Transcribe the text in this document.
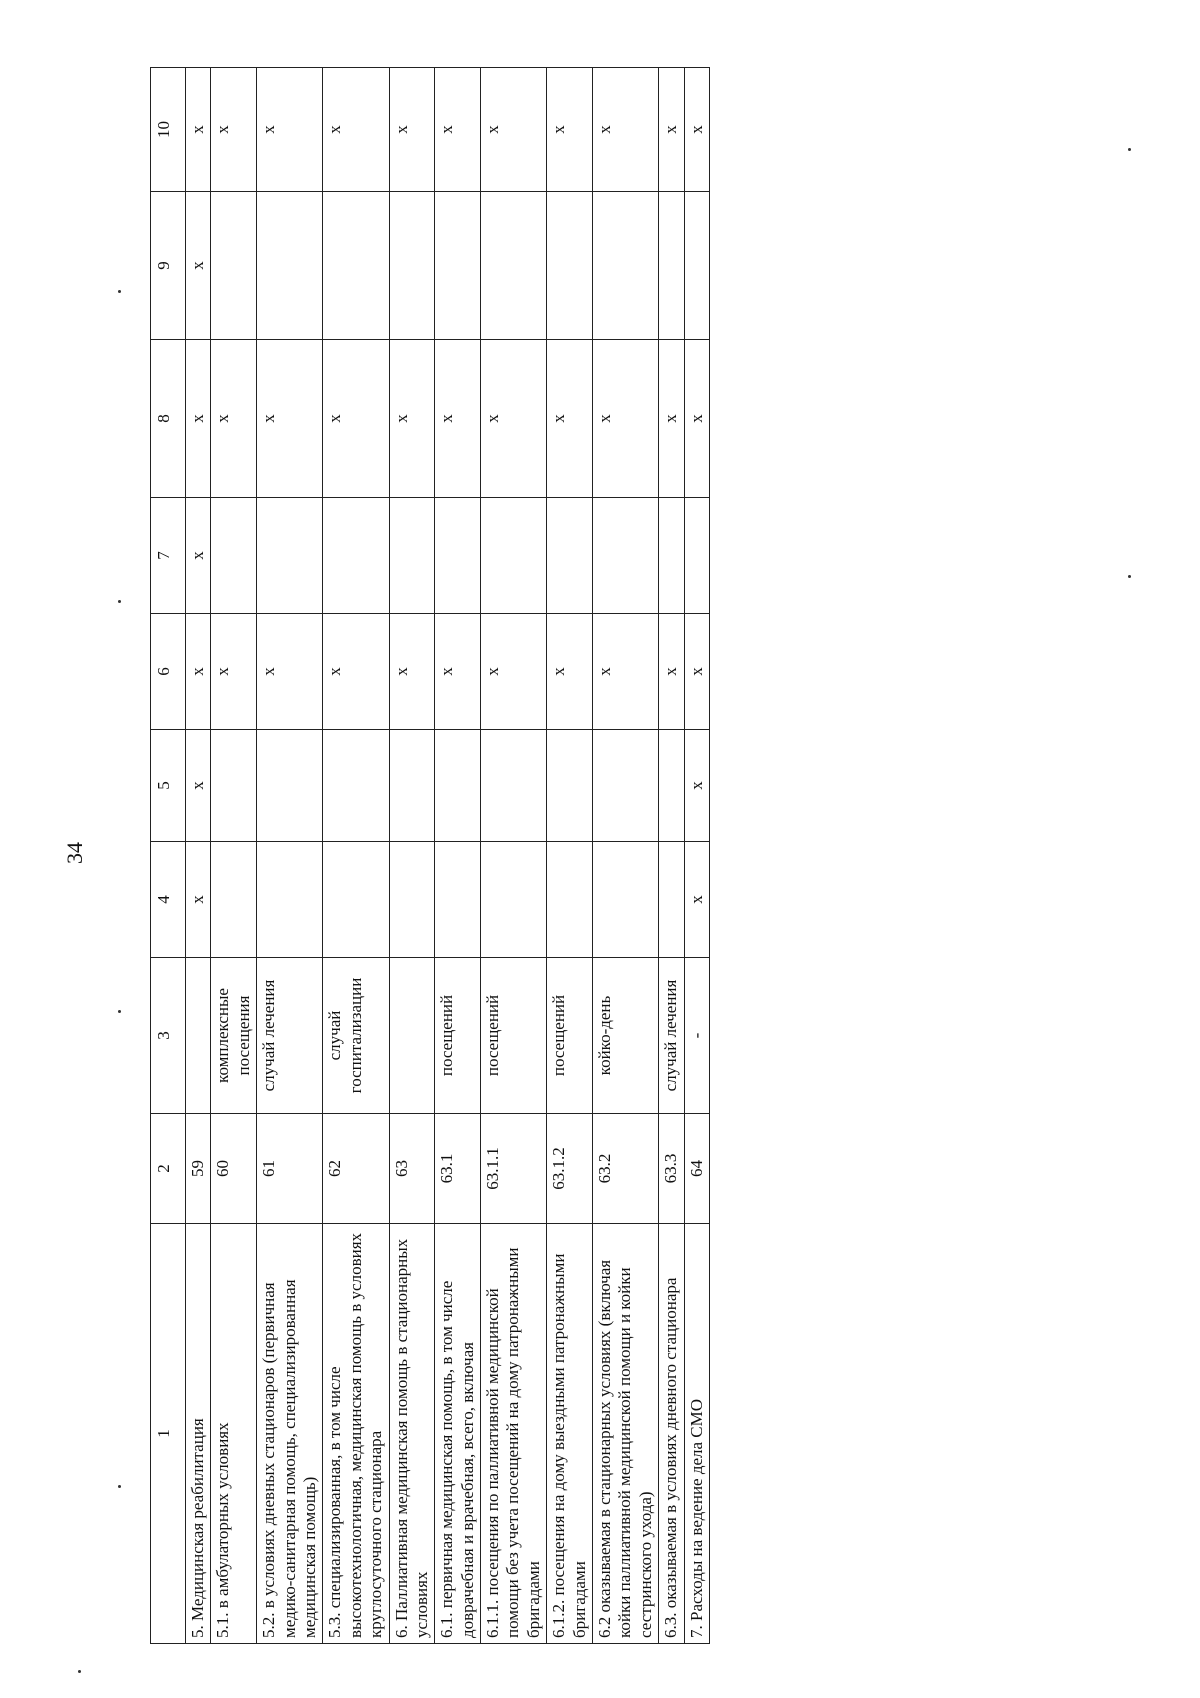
34
1	2	3	4	5	6	7	8	9	10
5. Медицинская реабилитация	59		х	х	х	х	х	х	х
5.1. в амбулаторных условиях	60	комплексные посещения			х		х		х
5.2. в условиях дневных стационаров (первичная медико-санитарная помощь, специализированная медицинская помощь)	61	случай лечения			х		х		х
5.3. специализированная, в том числе высокотехнологичная, медицинская помощь в условиях круглосуточного стационара	62	случай госпитализации			х		х		х
6. Паллиативная медицинская помощь в стационарных условиях	63				х		х		х
6.1. первичная медицинская помощь, в том числе доврачебная и врачебная, всего, включая	63.1	посещений			х		х		х
6.1.1. посещения по паллиативной медицинской помощи без учета посещений на дому патронажными бригадами	63.1.1	посещений			х		х		х
6.1.2. посещения на дому выездными патронажными бригадами	63.1.2	посещений			х		х		х
6.2 оказываемая в стационарных условиях (включая койки паллиативной медицинской помощи и койки сестринского ухода)	63.2	койко-день			х		х		х
6.3. оказываемая в условиях дневного стационара	63.3	случай лечения			х		х		х
7. Расходы на ведение дела СМО	64	-	х	х	х		х		х
